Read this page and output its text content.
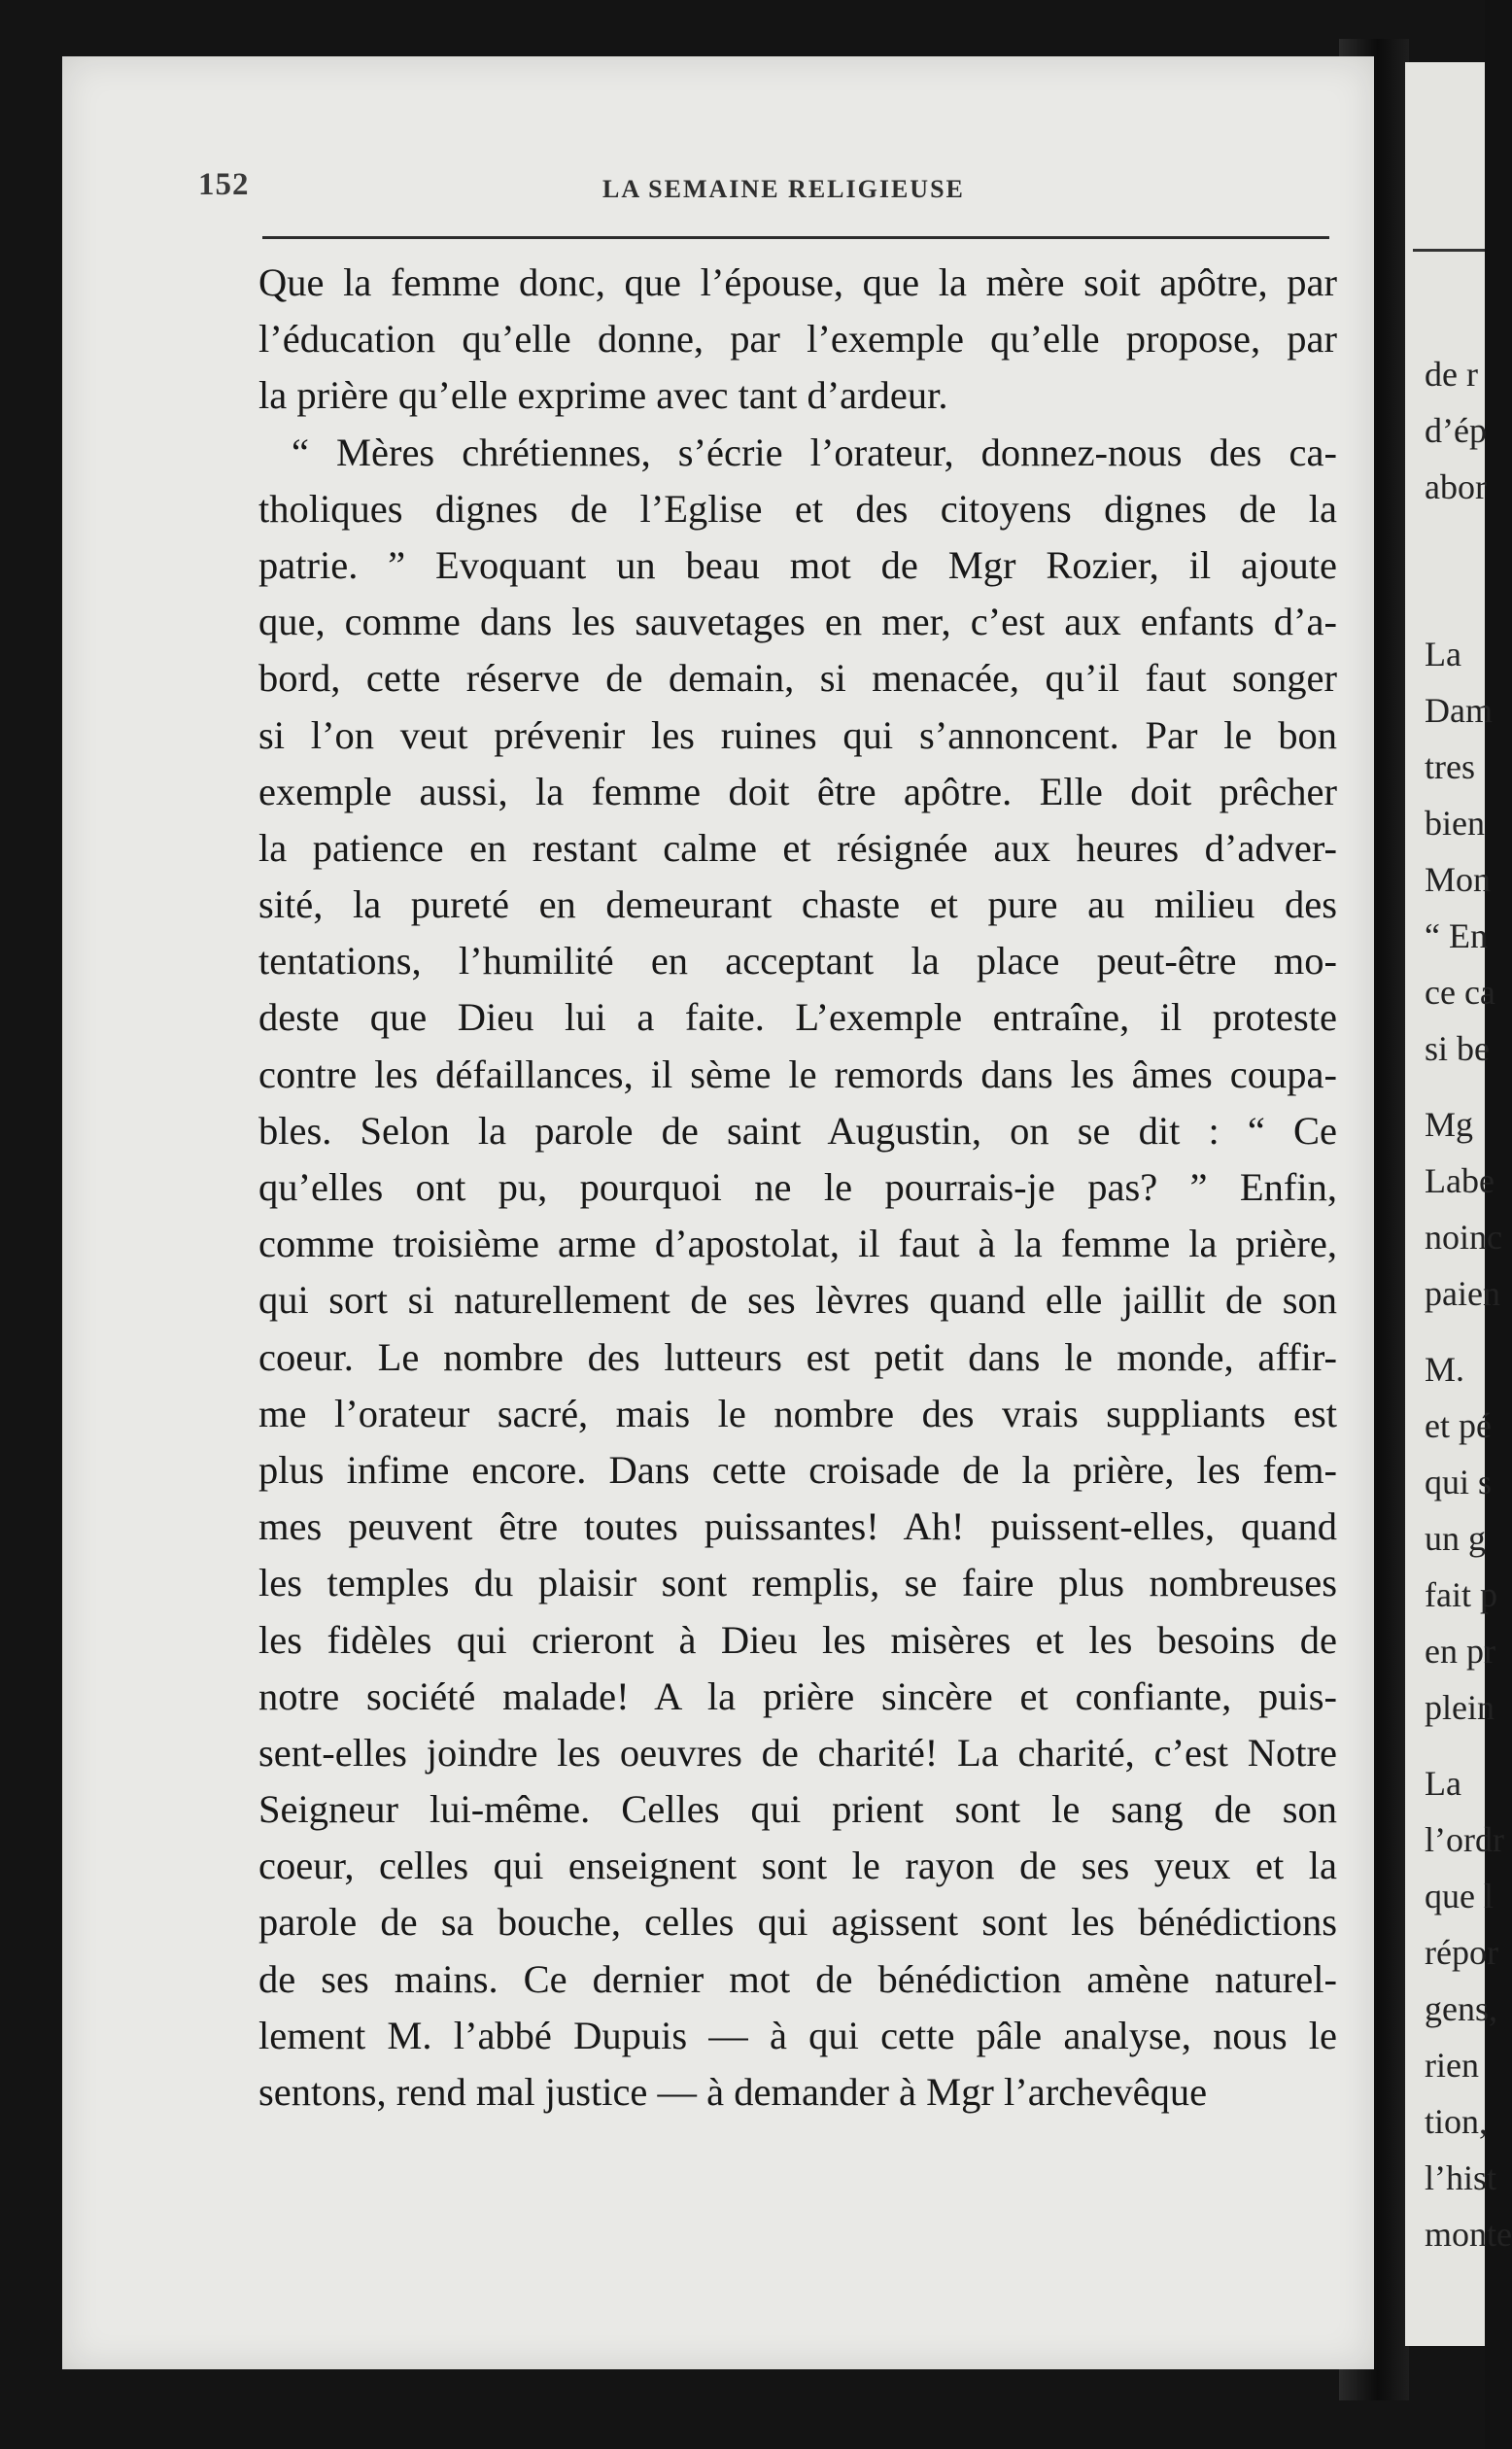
de r
d’ép
abor
La
Dam
tres
bien
Mon
“ En
ce ca
si be
Mg
Labe
noinc
paien
M.
et pé
qui s
un g
fait p
en pr
plein
La
l’ordr
que l
répor
gens,
rien
tion,
l’hist
monte
152	LA SEMAINE RELIGIEUSE
Que la femme donc, que l’épouse, que la mère soit apôtre, par
l’éducation qu’elle donne, par l’exemple qu’elle propose, par
la prière qu’elle exprime avec tant d’ardeur.
“ Mères chrétiennes, s’écrie l’orateur, donnez-nous des ca-
tholiques dignes de l’Eglise et des citoyens dignes de la
patrie. ” Evoquant un beau mot de Mgr Rozier, il ajoute
que, comme dans les sauvetages en mer, c’est aux enfants d’a-
bord, cette réserve de demain, si menacée, qu’il faut songer
si l’on veut prévenir les ruines qui s’annoncent. Par le bon
exemple aussi, la femme doit être apôtre. Elle doit prêcher
la patience en restant calme et résignée aux heures d’adver-
sité, la pureté en demeurant chaste et pure au milieu des
tentations, l’humilité en acceptant la place peut-être mo-
deste que Dieu lui a faite. L’exemple entraîne, il proteste
contre les défaillances, il sème le remords dans les âmes coupa-
bles. Selon la parole de saint Augustin, on se dit : “ Ce
qu’elles ont pu, pourquoi ne le pourrais-je pas? ” Enfin,
comme troisième arme d’apostolat, il faut à la femme la prière,
qui sort si naturellement de ses lèvres quand elle jaillit de son
coeur. Le nombre des lutteurs est petit dans le monde, affir-
me l’orateur sacré, mais le nombre des vrais suppliants est
plus infime encore. Dans cette croisade de la prière, les fem-
mes peuvent être toutes puissantes! Ah! puissent-elles, quand
les temples du plaisir sont remplis, se faire plus nombreuses
les fidèles qui crieront à Dieu les misères et les besoins de
notre société malade! A la prière sincère et confiante, puis-
sent-elles joindre les oeuvres de charité! La charité, c’est Notre
Seigneur lui-même. Celles qui prient sont le sang de son
coeur, celles qui enseignent sont le rayon de ses yeux et la
parole de sa bouche, celles qui agissent sont les bénédictions
de ses mains. Ce dernier mot de bénédiction amène naturel-
lement M. l’abbé Dupuis — à qui cette pâle analyse, nous le
sentons, rend mal justice — à demander à Mgr l’archevêque
